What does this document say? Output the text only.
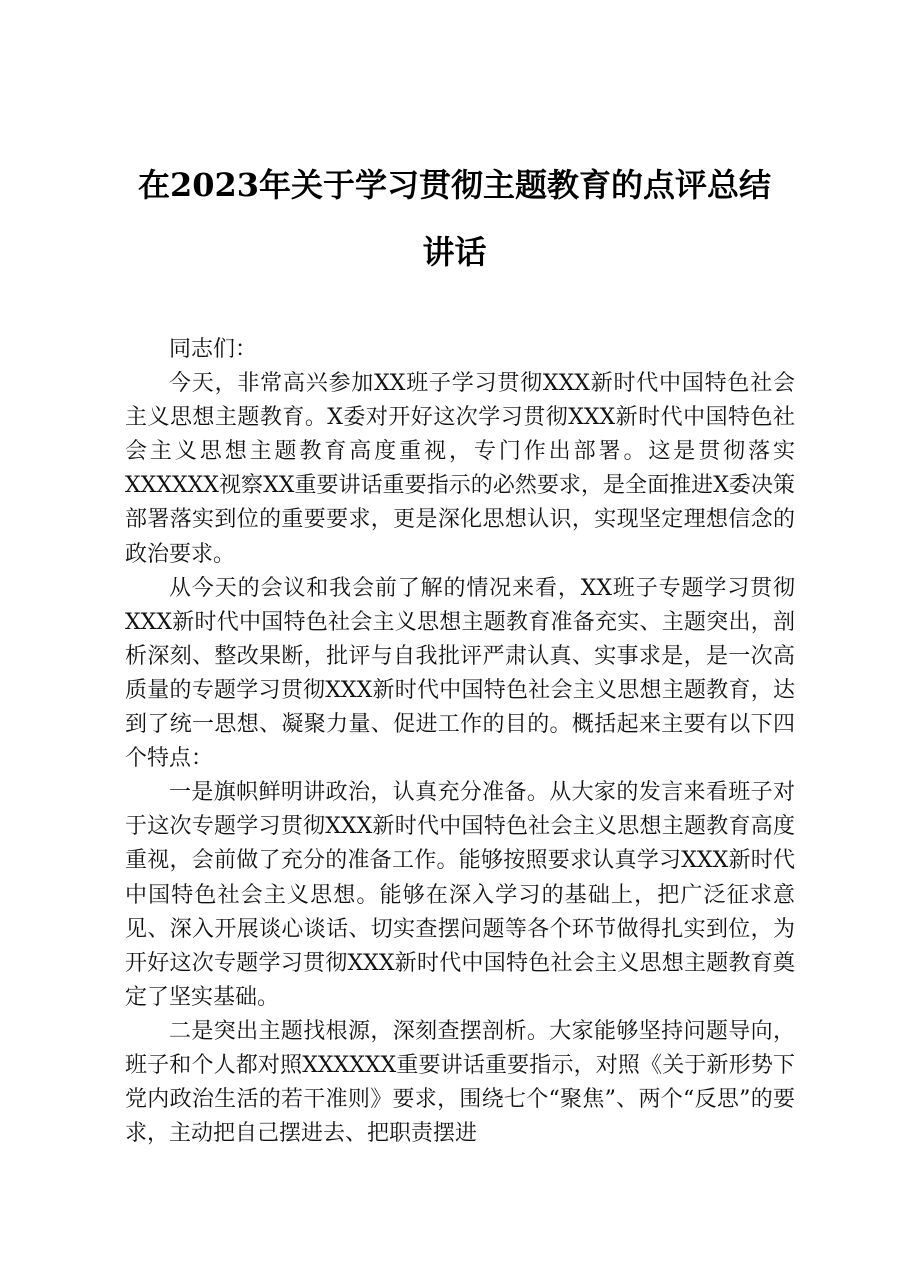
在2023年关于学习贯彻主题教育的点评总结
讲话

同志们：

今天，非常高兴参加XX班子学习贯彻XXX新时代中国特色社会主义思想主题教育。X委对开好这次学习贯彻XXX新时代中国特色社会主义思想主题教育高度重视，专门作出部署。这是贯彻落实XXXXXX视察XX重要讲话重要指示的必然要求，是全面推进X委决策部署落实到位的重要要求，更是深化思想认识，实现坚定理想信念的政治要求。

从今天的会议和我会前了解的情况来看，XX班子专题学习贯彻XXX新时代中国特色社会主义思想主题教育准备充实、主题突出，剖析深刻、整改果断，批评与自我批评严肃认真、实事求是，是一次高质量的专题学习贯彻XXX新时代中国特色社会主义思想主题教育，达到了统一思想、凝聚力量、促进工作的目的。概括起来主要有以下四个特点：

一是旗帜鲜明讲政治，认真充分准备。从大家的发言来看班子对于这次专题学习贯彻XXX新时代中国特色社会主义思想主题教育高度重视，会前做了充分的准备工作。能够按照要求认真学习XXX新时代中国特色社会主义思想。能够在深入学习的基础上，把广泛征求意见、深入开展谈心谈话、切实查摆问题等各个环节做得扎实到位，为开好这次专题学习贯彻XXX新时代中国特色社会主义思想主题教育奠定了坚实基础。

二是突出主题找根源，深刻查摆剖析。大家能够坚持问题导向，班子和个人都对照XXXXXX重要讲话重要指示，对照《关于新形势下党内政治生活的若干准则》要求，围绕七个“聚焦”、两个“反思”的要求，主动把自己摆进去、把职责摆进
